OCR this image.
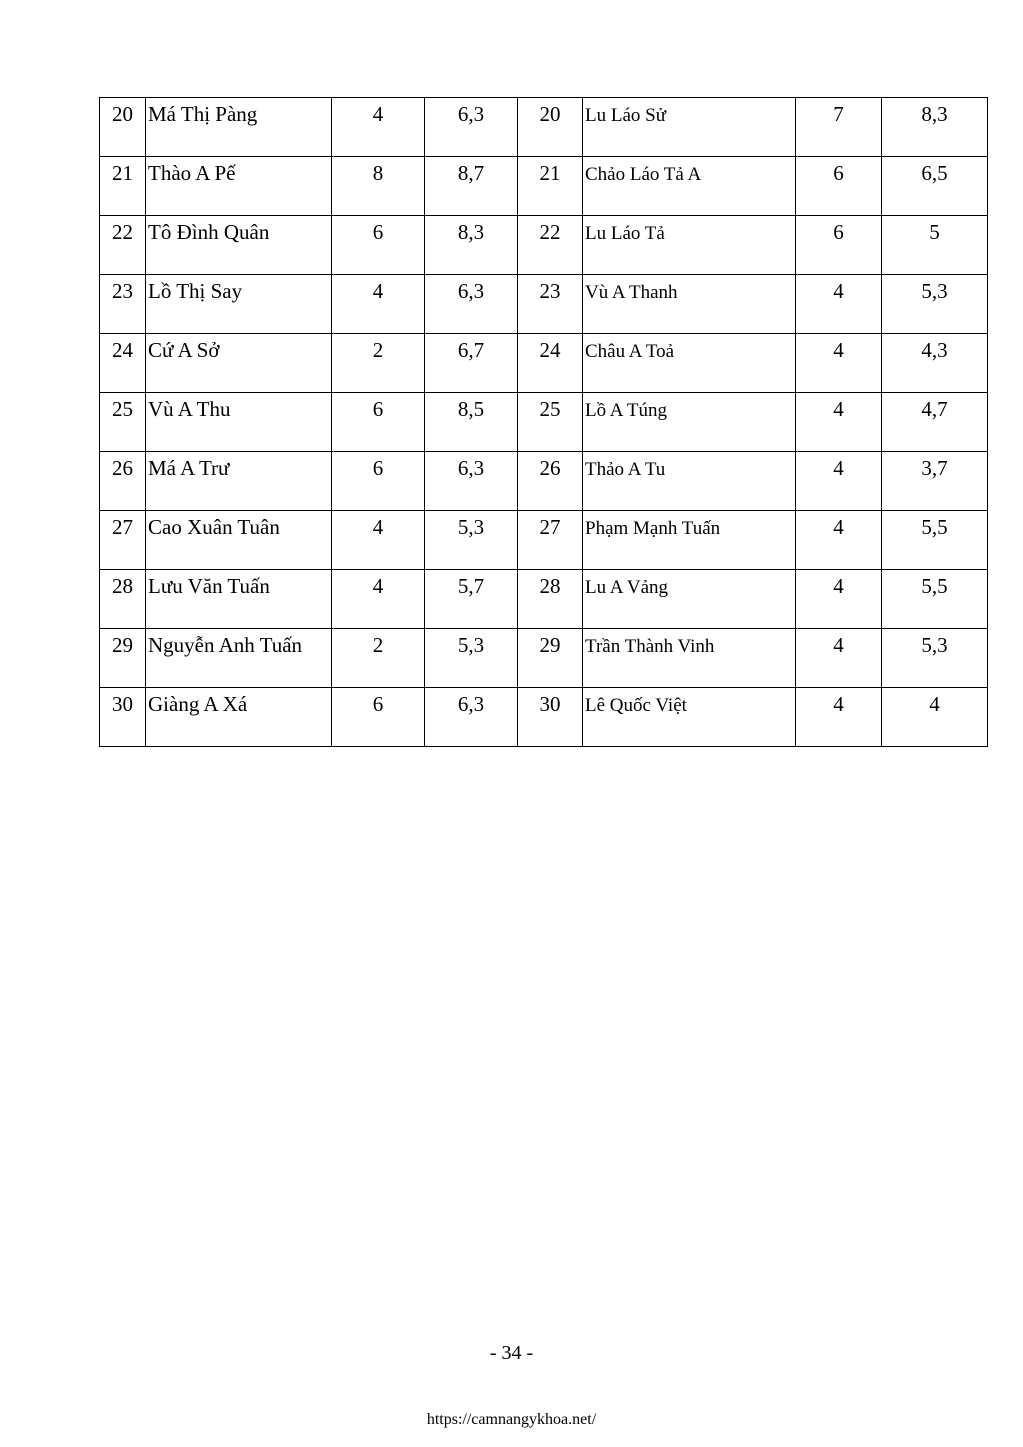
20	Má Thị Pàng	4	6,3	20	Lu Láo Sử	7	8,3
21	Thào A Pế	8	8,7	21	Chảo Láo Tả A	6	6,5
22	Tô Đình Quân	6	8,3	22	Lu Láo Tả	6	5
23	Lồ Thị Say	4	6,3	23	Vù A Thanh	4	5,3
24	Cứ A Sở	2	6,7	24	Châu A Toả	4	4,3
25	Vù A Thu	6	8,5	25	Lồ A Túng	4	4,7
26	Má A Trư	6	6,3	26	Thảo A Tu	4	3,7
27	Cao Xuân Tuân	4	5,3	27	Phạm Mạnh Tuấn	4	5,5
28	Lưu Văn Tuấn	4	5,7	28	Lu A Vảng	4	5,5
29	Nguyễn Anh Tuấn	2	5,3	29	Trần Thành Vinh	4	5,3
30	Giàng A Xá	6	6,3	30	Lê Quốc Việt	4	4
- 34 -
https://camnangykhoa.net/
